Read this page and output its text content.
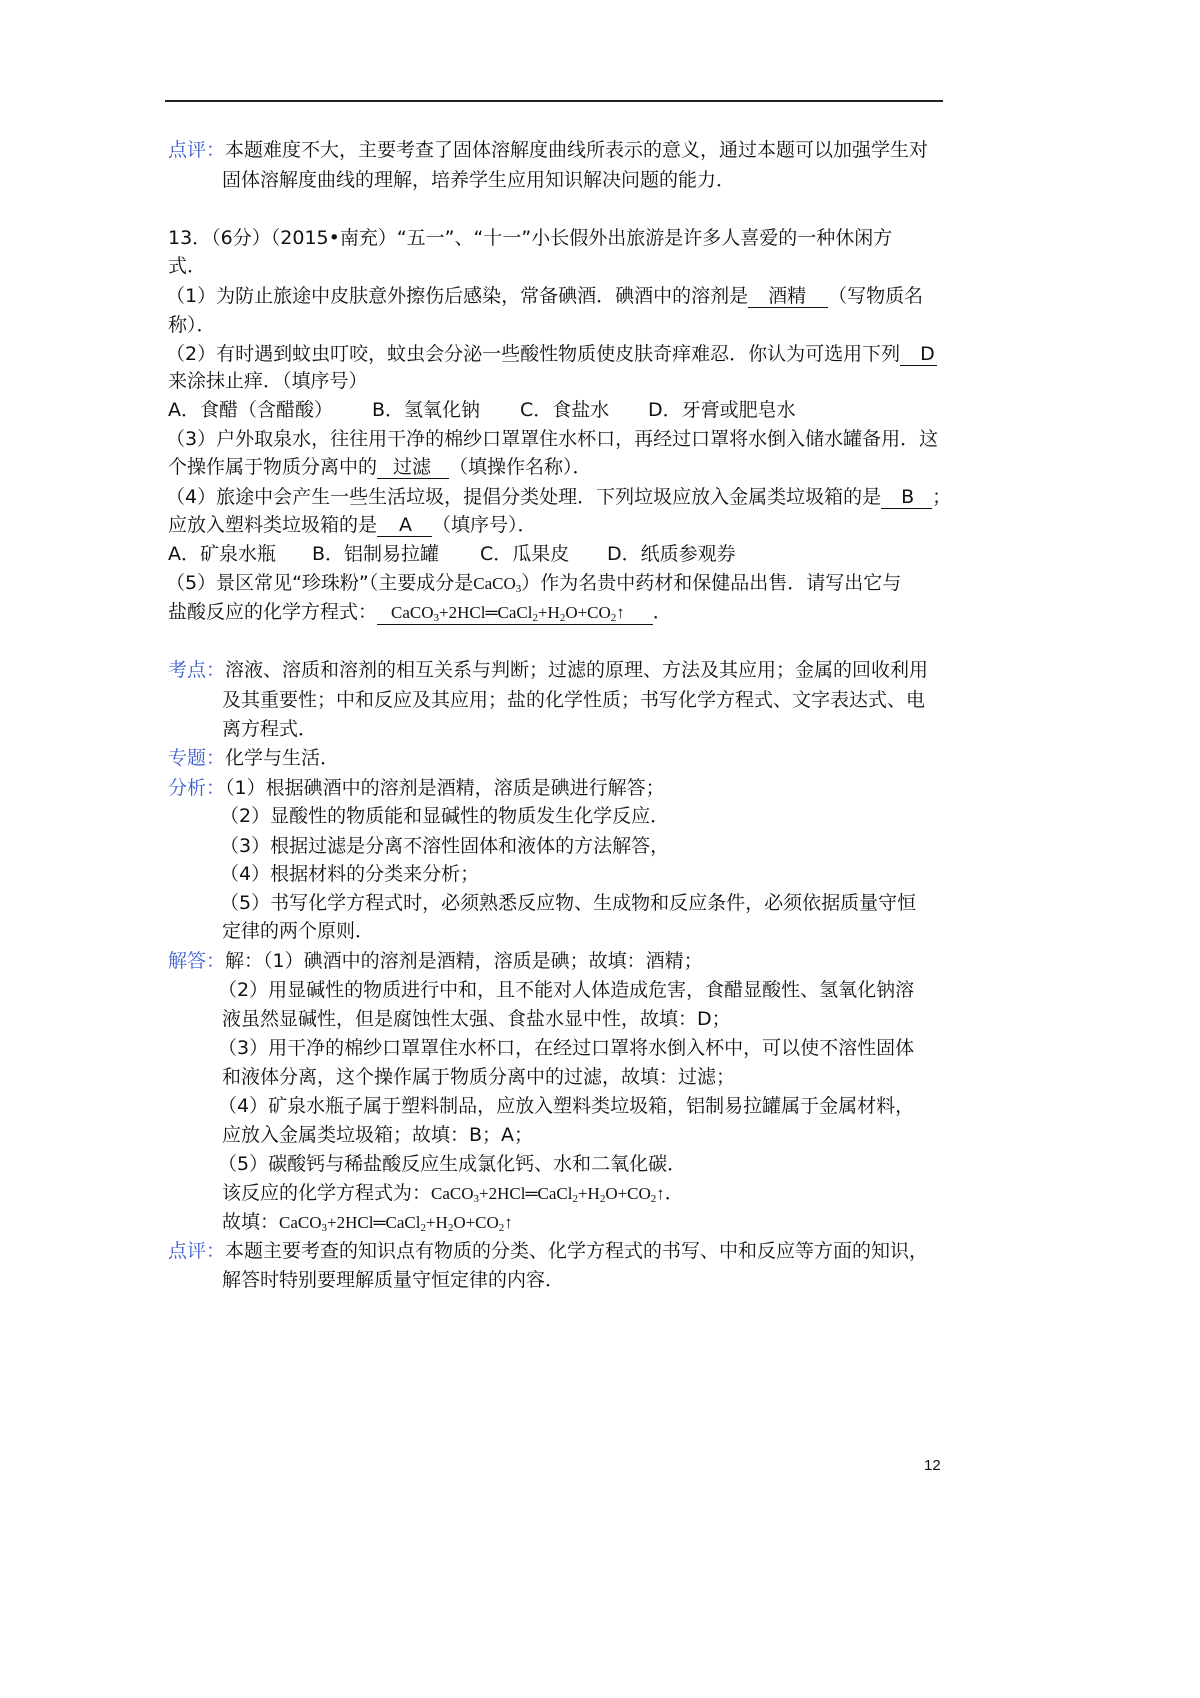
点评：本题难度不大，主要考查了固体溶解度曲线所表示的意义，通过本题可以加强学生对
固体溶解度曲线的理解，培养学生应用知识解决问题的能力．
13．（6分）（2015•南充）“五一”、“十一”小长假外出旅游是许多人喜爱的一种休闲方
式．
（1）为防止旅途中皮肤意外擦伤后感染，常备碘酒．碘酒中的溶剂是 酒精 （写物质名
称）．
（2）有时遇到蚊虫叮咬，蚊虫会分泌一些酸性物质使皮肤奇痒难忍．你认为可选用下列 D
来涂抹止痒．（填序号）
A．食醋（含醋酸） B．氢氧化钠 C．食盐水 D．牙膏或肥皂水
（3）户外取泉水，往往用干净的棉纱口罩罩住水杯口，再经过口罩将水倒入储水罐备用．这
个操作属于物质分离中的 过滤 （填操作名称）．
（4）旅途中会产生一些生活垃圾，提倡分类处理．下列垃圾应放入金属类垃圾箱的是 B ；
应放入塑料类垃圾箱的是 A （填序号）．
A．矿泉水瓶 B．铝制易拉罐 C．瓜果皮 D．纸质参观券
（5）景区常见“珍珠粉”（主要成分是CaCO$_3$）作为名贵中药材和保健品出售．请写出它与
盐酸反应的化学方程式： $CaCO_3+2HCl═CaCl_2+H_2O+CO_2↑$ ．
考点：溶液、溶质和溶剂的相互关系与判断；过滤的原理、方法及其应用；金属的回收利用
及其重要性；中和反应及其应用；盐的化学性质；书写化学方程式、文字表达式、电
离方程式．
专题：化学与生活．
分析：（1）根据碘酒中的溶剂是酒精，溶质是碘进行解答；
（2）显酸性的物质能和显碱性的物质发生化学反应．
（3）根据过滤是分离不溶性固体和液体的方法解答，
（4）根据材料的分类来分析；
（5）书写化学方程式时，必须熟悉反应物、生成物和反应条件，必须依据质量守恒
定律的两个原则．
解答：解：（1）碘酒中的溶剂是酒精，溶质是碘；故填：酒精；
（2）用显碱性的物质进行中和，且不能对人体造成危害，食醋显酸性、氢氧化钠溶
液虽然显碱性，但是腐蚀性太强、食盐水显中性，故填：D；
（3）用干净的棉纱口罩罩住水杯口，在经过口罩将水倒入杯中，可以使不溶性固体
和液体分离，这个操作属于物质分离中的过滤，故填：过滤；
（4）矿泉水瓶子属于塑料制品，应放入塑料类垃圾箱，铝制易拉罐属于金属材料，
应放入金属类垃圾箱；故填：B；A；
（5）碳酸钙与稀盐酸反应生成氯化钙、水和二氧化碳．
该反应的化学方程式为：$CaCO_3+2HCl═CaCl_2+H_2O+CO_2↑$．
故填：$CaCO_3+2HCl═CaCl_2+H_2O+CO_2↑$
点评：本题主要考查的知识点有物质的分类、化学方程式的书写、中和反应等方面的知识，
解答时特别要理解质量守恒定律的内容．
12
